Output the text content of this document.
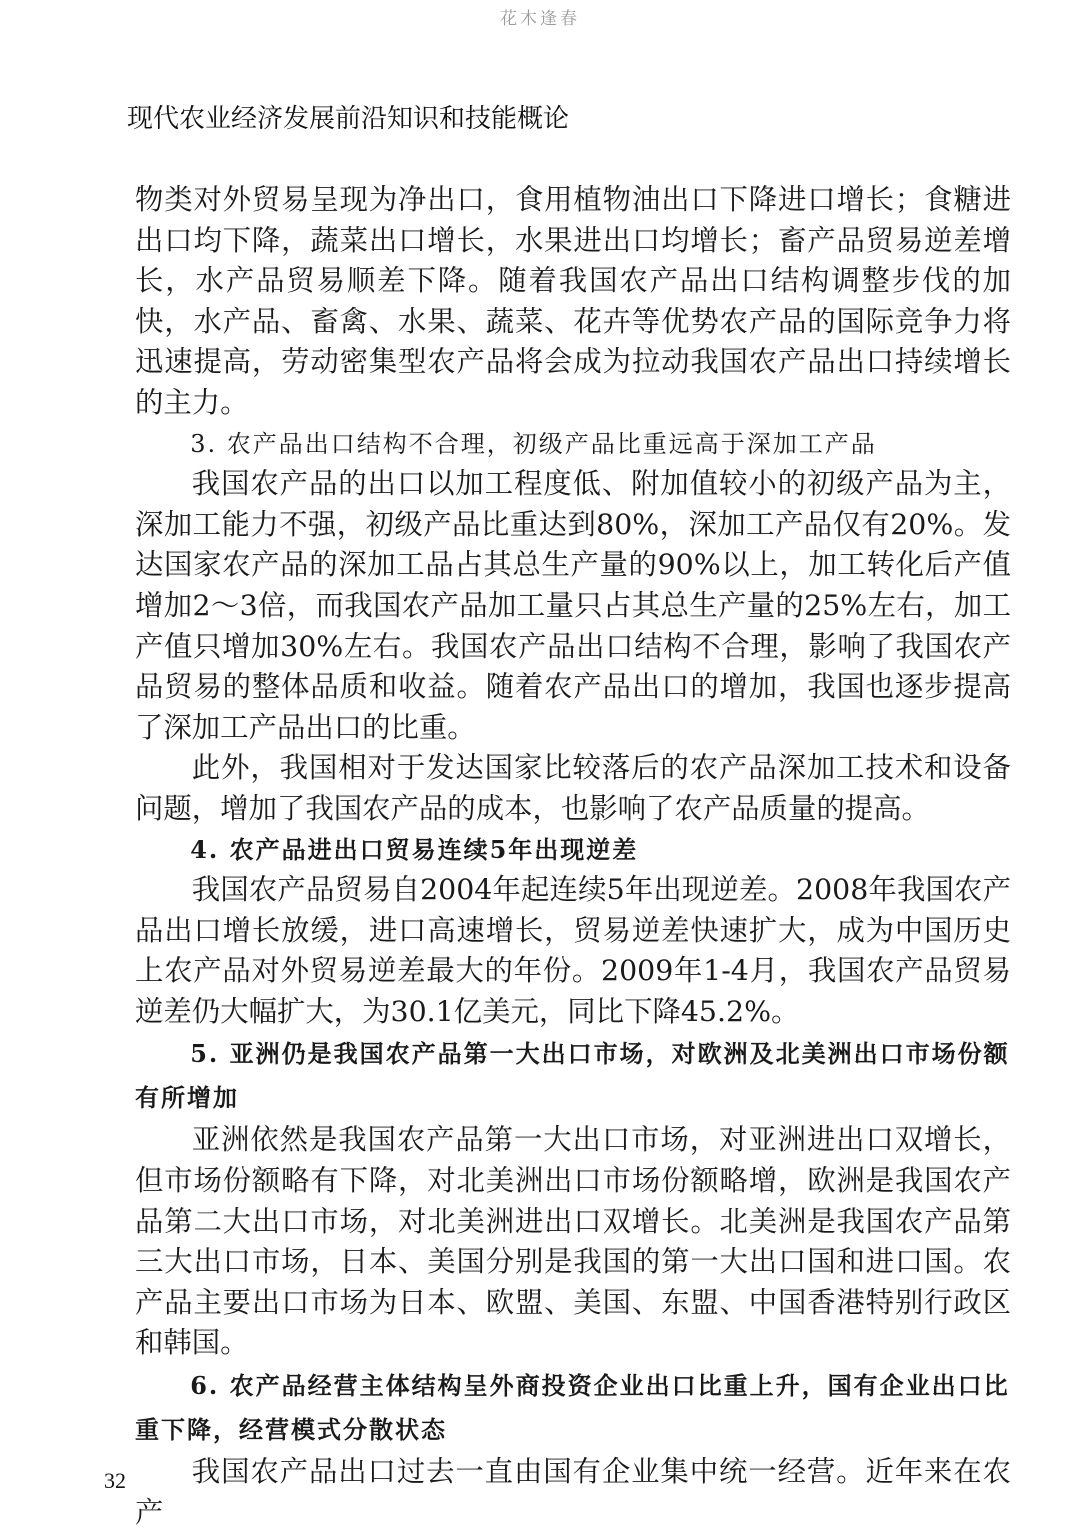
花木逢春
现代农业经济发展前沿知识和技能概论

物类对外贸易呈现为净出口，食用植物油出口下降进口增长；食糖进出口均下降，蔬菜出口增长，水果进出口均增长；畜产品贸易逆差增长，水产品贸易顺差下降。随着我国农产品出口结构调整步伐的加快，水产品、畜禽、水果、蔬菜、花卉等优势农产品的国际竞争力将迅速提高，劳动密集型农产品将会成为拉动我国农产品出口持续增长的主力。

3. 农产品出口结构不合理，初级产品比重远高于深加工产品

我国农产品的出口以加工程度低、附加值较小的初级产品为主，深加工能力不强，初级产品比重达到80%，深加工产品仅有20%。发达国家农产品的深加工品占其总生产量的90%以上，加工转化后产值增加2～3倍，而我国农产品加工量只占其总生产量的25%左右，加工产值只增加30%左右。我国农产品出口结构不合理，影响了我国农产品贸易的整体品质和收益。随着农产品出口的增加，我国也逐步提高了深加工产品出口的比重。

此外，我国相对于发达国家比较落后的农产品深加工技术和设备问题，增加了我国农产品的成本，也影响了农产品质量的提高。

4. 农产品进出口贸易连续5年出现逆差

我国农产品贸易自2004年起连续5年出现逆差。2008年我国农产品出口增长放缓，进口高速增长，贸易逆差快速扩大，成为中国历史上农产品对外贸易逆差最大的年份。2009年1-4月，我国农产品贸易逆差仍大幅扩大，为30.1亿美元，同比下降45.2%。

5. 亚洲仍是我国农产品第一大出口市场，对欧洲及北美洲出口市场份额有所增加

亚洲依然是我国农产品第一大出口市场，对亚洲进出口双增长，但市场份额略有下降，对北美洲出口市场份额略增，欧洲是我国农产品第二大出口市场，对北美洲进出口双增长。北美洲是我国农产品第三大出口市场，日本、美国分别是我国的第一大出口国和进口国。农产品主要出口市场为日本、欧盟、美国、东盟、中国香港特别行政区和韩国。

6. 农产品经营主体结构呈外商投资企业出口比重上升，国有企业出口比重下降，经营模式分散状态

我国农产品出口过去一直由国有企业集中统一经营。近年来在农产

32
